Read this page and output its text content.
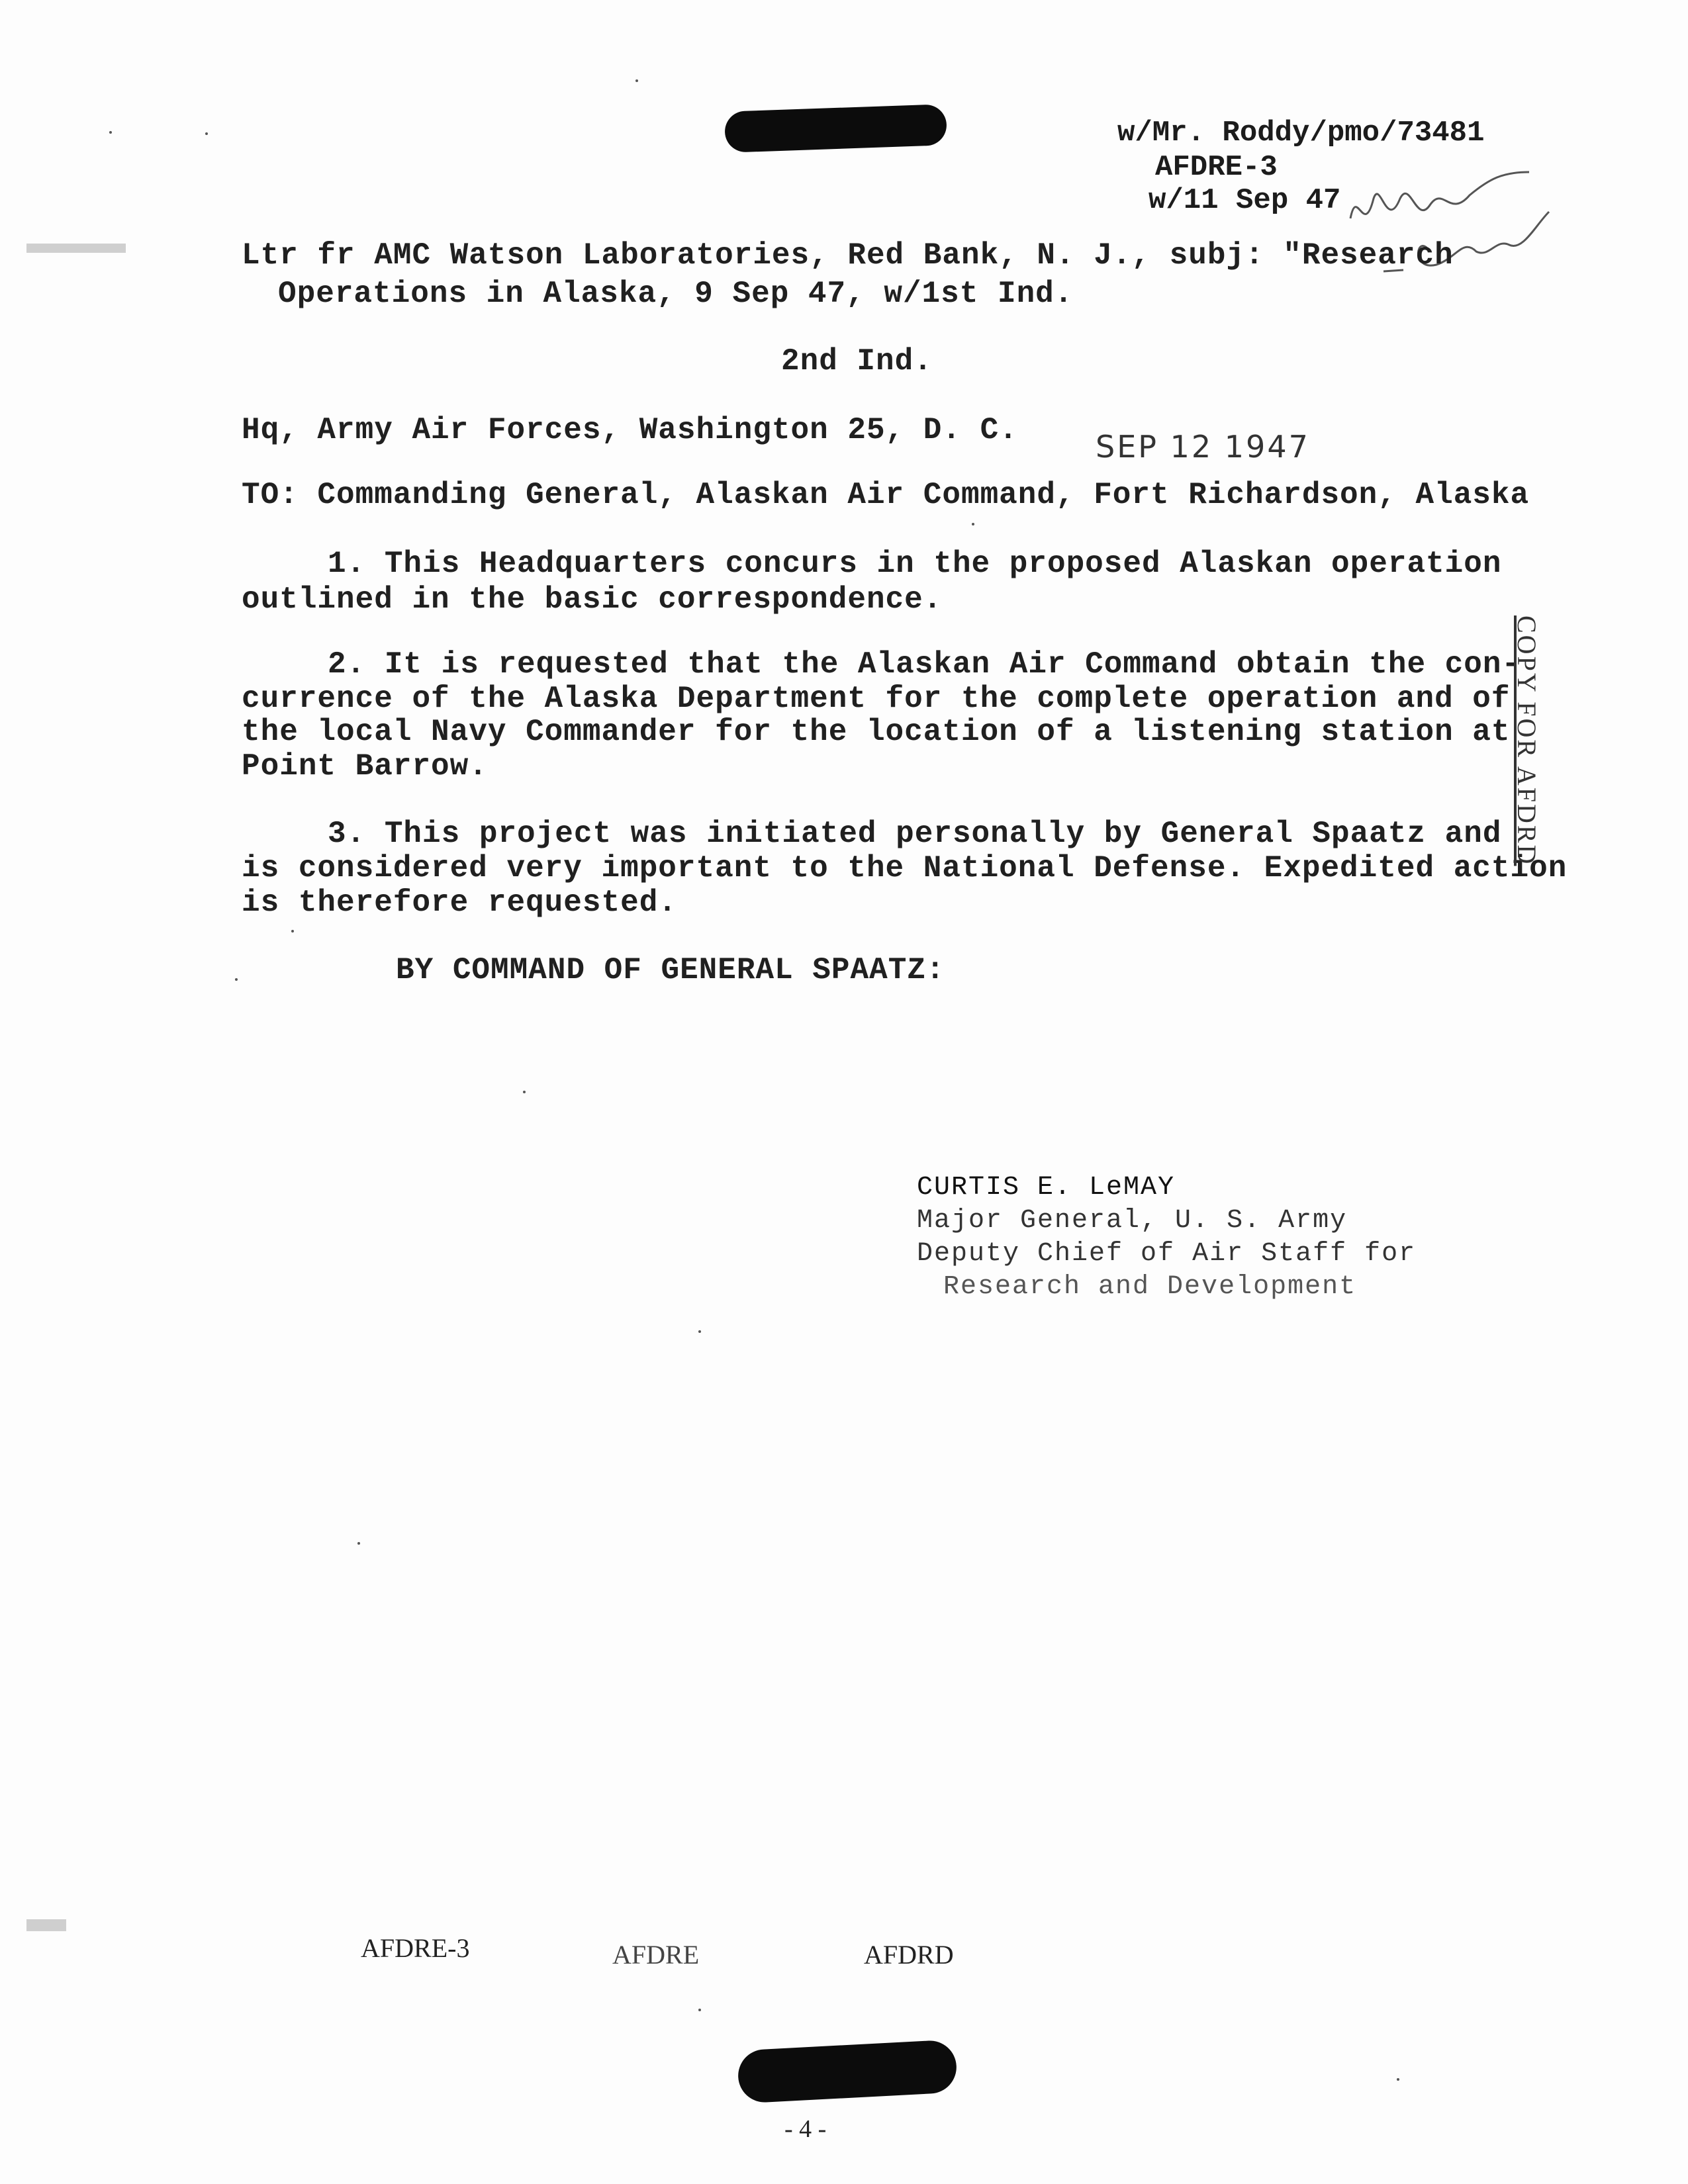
w/Mr. Roddy/pmo/73481
AFDRE-3
w/11 Sep 47
Ltr fr AMC Watson Laboratories, Red Bank, N. J., subj: "Research
Operations in Alaska, 9 Sep 47, w/1st Ind.
2nd Ind.
Hq, Army Air Forces, Washington 25, D. C.	SEP 12 1947
TO: Commanding General, Alaskan Air Command, Fort Richardson, Alaska
1. This Headquarters concurs in the proposed Alaskan operation
outlined in the basic correspondence.
2. It is requested that the Alaskan Air Command obtain the con-
currence of the Alaska Department for the complete operation and of
the local Navy Commander for the location of a listening station at
Point Barrow.
3. This project was initiated personally by General Spaatz and
is considered very important to the National Defense. Expedited action
is therefore requested.
BY COMMAND OF GENERAL SPAATZ:
CURTIS E. LeMAY
Major General, U. S. Army
Deputy Chief of Air Staff for
Research and Development
COPY FOR AFDRD
AFDRE-3	AFDRE	AFDRD
- 4 -
